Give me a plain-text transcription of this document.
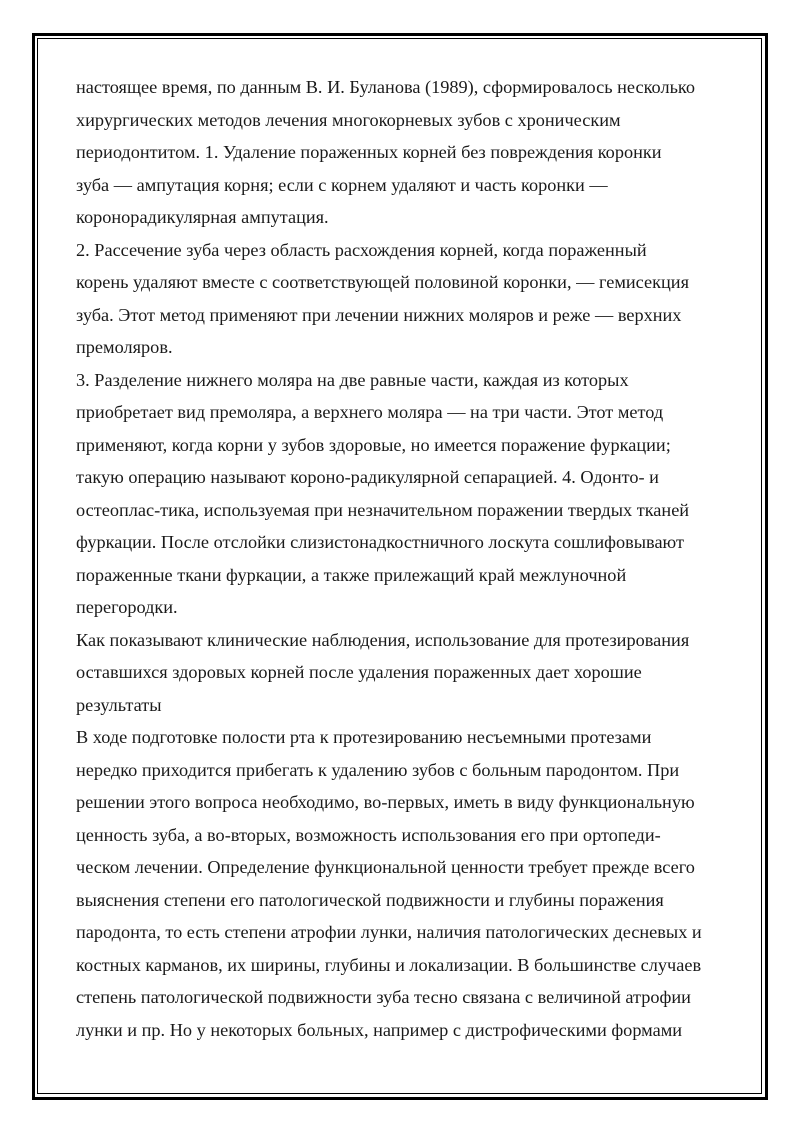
настоящее время, по данным В. И. Буланова (1989), сформировалось несколько
хирургических методов лечения многокорневых зубов с хроническим
периодонтитом. 1. Удаление пораженных корней без повреждения коронки
зуба — ампутация корня; если с корнем удаляют и часть коронки —
коронорадикулярная ампутация.
2. Рассечение зуба через область расхождения корней, когда пораженный
корень удаляют вместе с соответствующей половиной коронки, — гемисекция
зуба. Этот метод применяют при лечении нижних моляров и реже — верхних
премоляров.
3. Разделение нижнего моляра на две равные части, каждая из которых
приобретает вид премоляра, а верхнего моляра — на три части. Этот метод
применяют, когда корни у зубов здоровые, но имеется поражение фуркации;
такую операцию называют короно-радикулярной сепарацией. 4. Одонто- и
остеоплас-тика, используемая при незначительном поражении твердых тканей
фуркации. После отслойки слизистонадкостничного лоскута сошлифовывают
пораженные ткани фуркации, а также прилежащий край межлуночной
перегородки.
Как показывают клинические наблюдения, использование для протезирования
оставшихся здоровых корней после удаления пораженных дает хорошие
результаты
В ходе подготовке полости рта к протезированию несъемными протезами
нередко приходится прибегать к удалению зубов с больным пародонтом. При
решении этого вопроса необходимо, во-первых, иметь в виду функциональную
ценность зуба, а во-вторых, возможность использования его при ортопеди-
ческом лечении. Определение функциональной ценности требует прежде всего
выяснения степени его патологической подвижности и глубины поражения
пародонта, то есть степени атрофии лунки, наличия патологических десневых и
костных карманов, их ширины, глубины и локализации. В большинстве случаев
степень патологической подвижности зуба тесно связана с величиной атрофии
лунки и пр. Но у некоторых больных, например с дистрофическими формами
